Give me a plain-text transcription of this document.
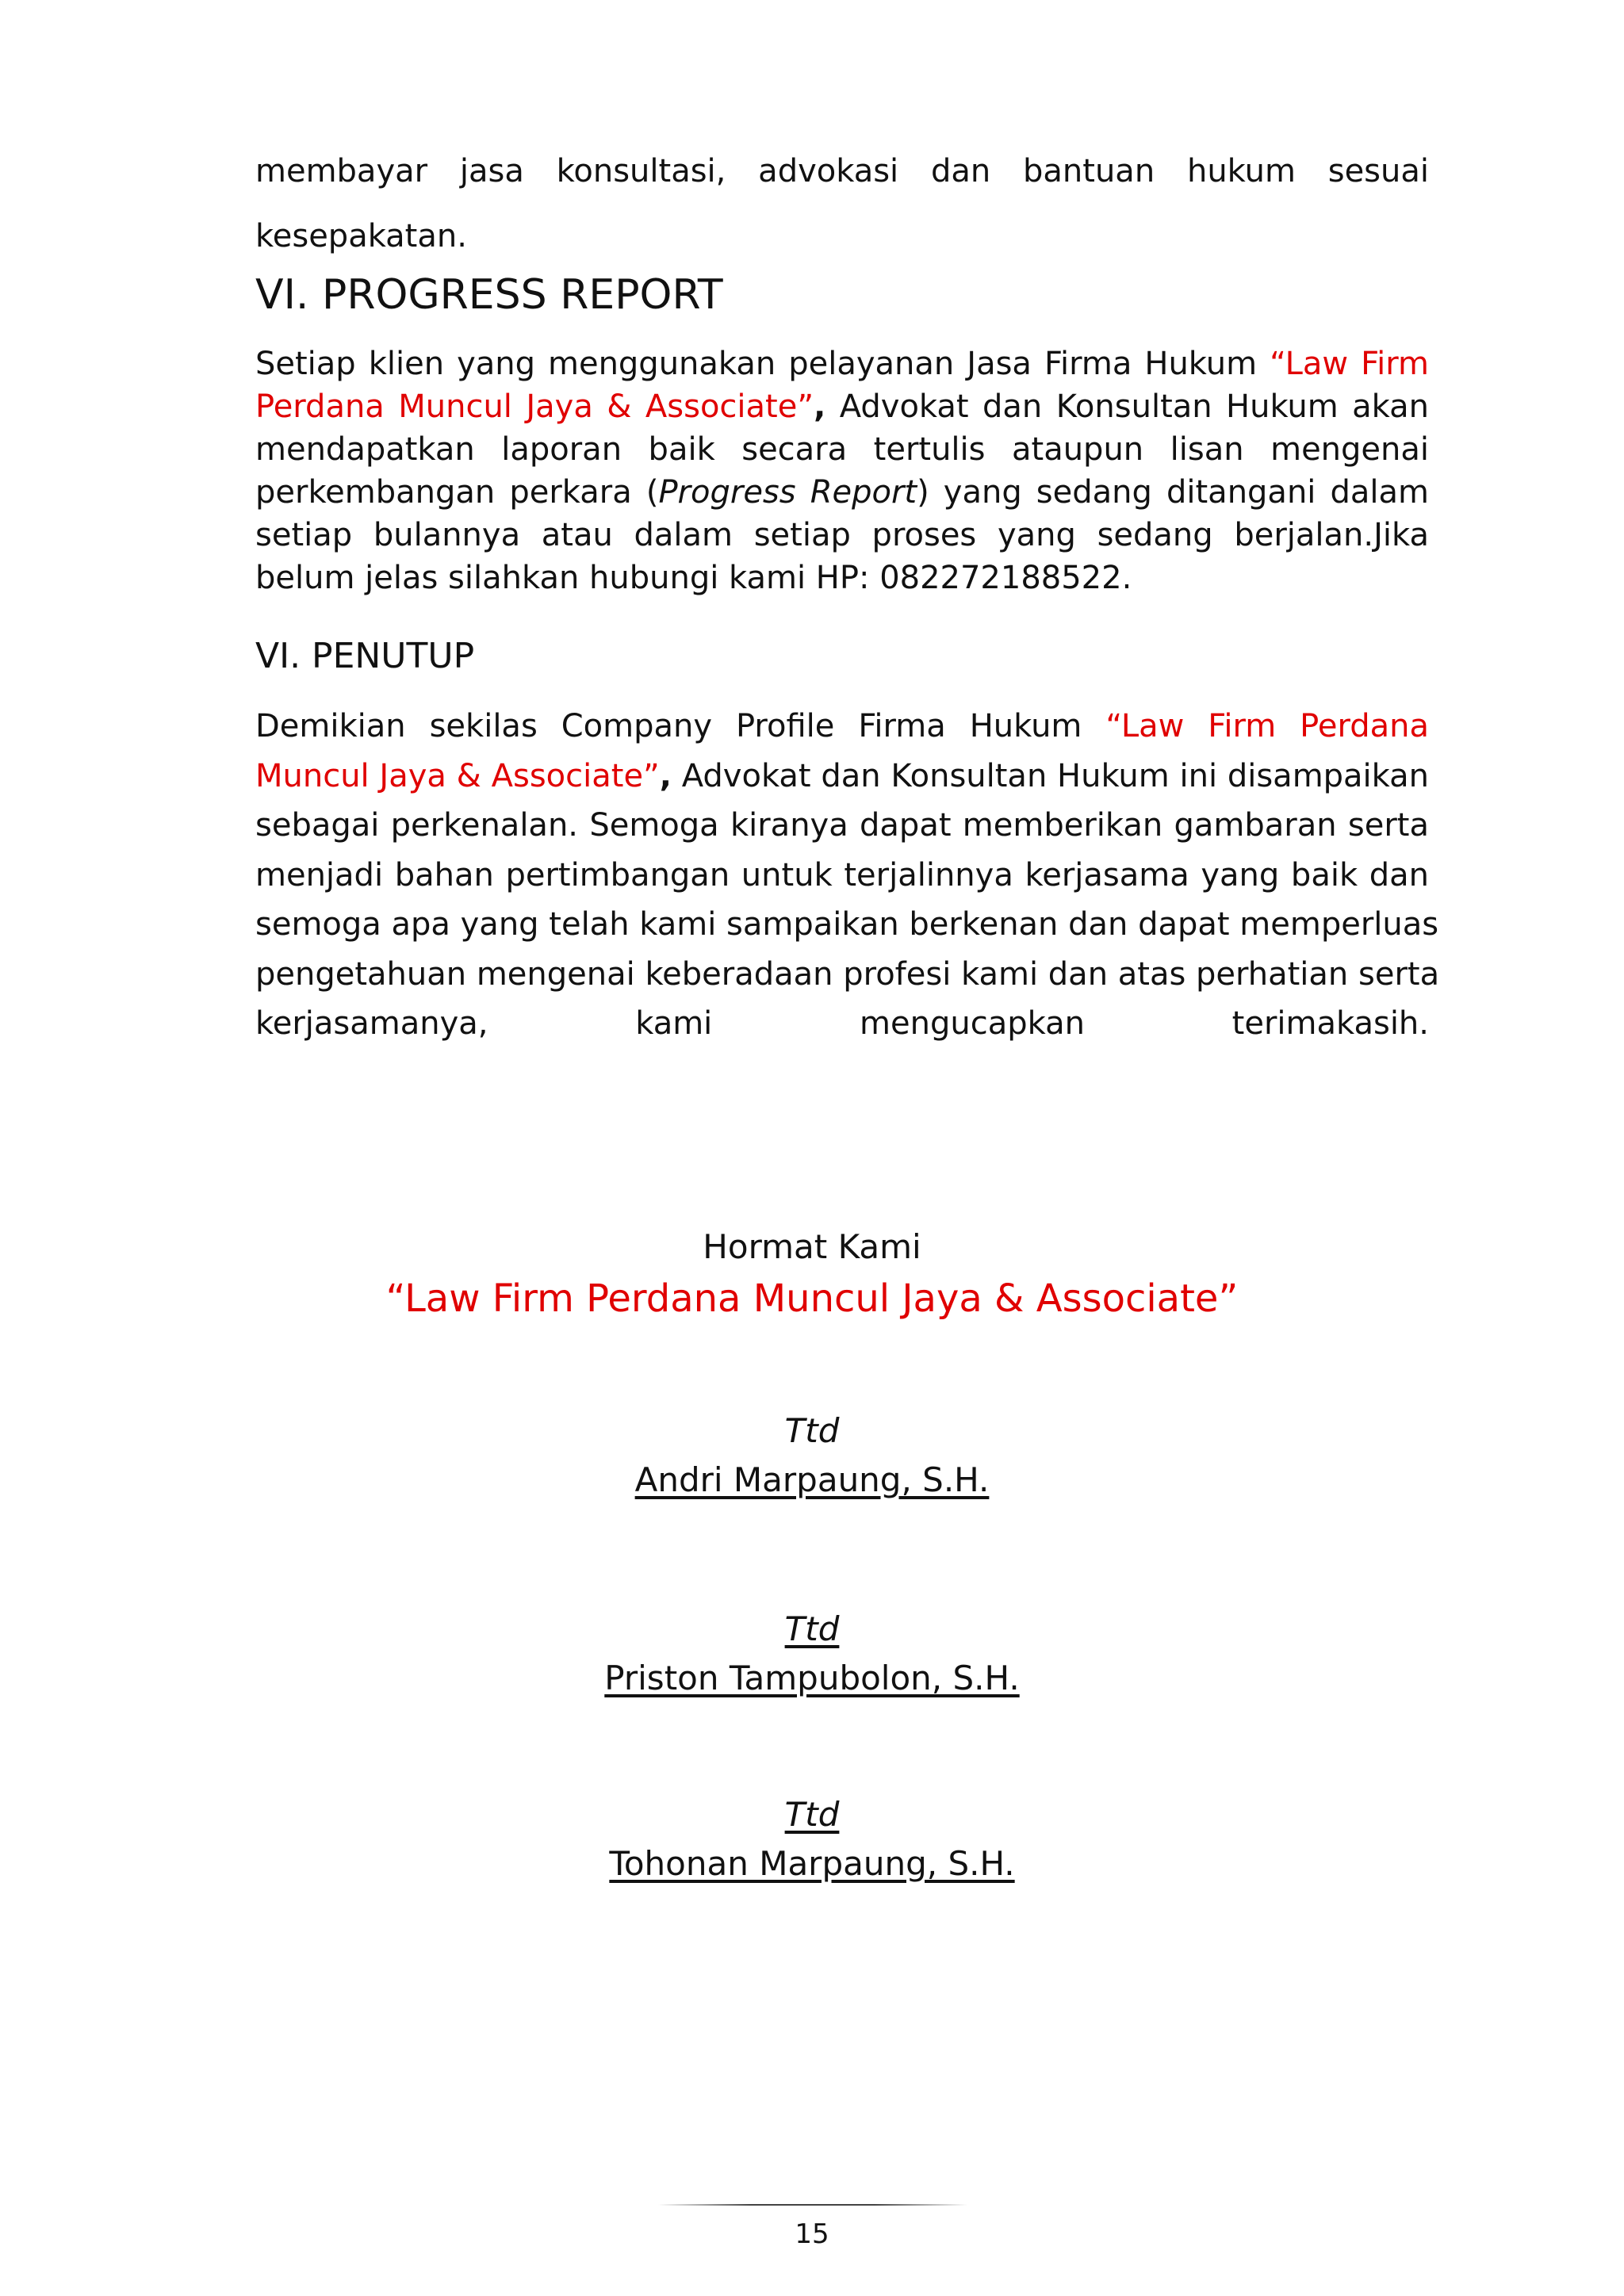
membayar jasa konsultasi, advokasi dan bantuan hukum sesuai
kesepakatan.
VI. PROGRESS REPORT
Setiap klien yang menggunakan pelayanan Jasa Firma Hukum “Law Firm
Perdana Muncul Jaya & Associate”, Advokat dan Konsultan Hukum akan
mendapatkan laporan baik secara tertulis ataupun lisan mengenai
perkembangan perkara (Progress Report) yang sedang ditangani dalam
setiap bulannya atau dalam setiap proses yang sedang berjalan.Jika
belum jelas silahkan hubungi kami HP: 082272188522.
VI. PENUTUP
Demikian sekilas Company Profile Firma Hukum “Law Firm Perdana
Muncul Jaya & Associate”, Advokat dan Konsultan Hukum ini disampaikan
sebagai perkenalan. Semoga kiranya dapat memberikan gambaran serta
menjadi bahan pertimbangan untuk terjalinnya kerjasama yang baik dan
semoga apa yang telah kami sampaikan berkenan dan dapat memperluas
pengetahuan mengenai keberadaan profesi kami dan atas perhatian serta
kerjasamanya, kami mengucapkan terimakasih.
Hormat Kami
“Law Firm Perdana Muncul Jaya & Associate”
Ttd
Andri Marpaung, S.H.
Ttd
Priston Tampubolon, S.H.
Ttd
Tohonan Marpaung, S.H.
15
